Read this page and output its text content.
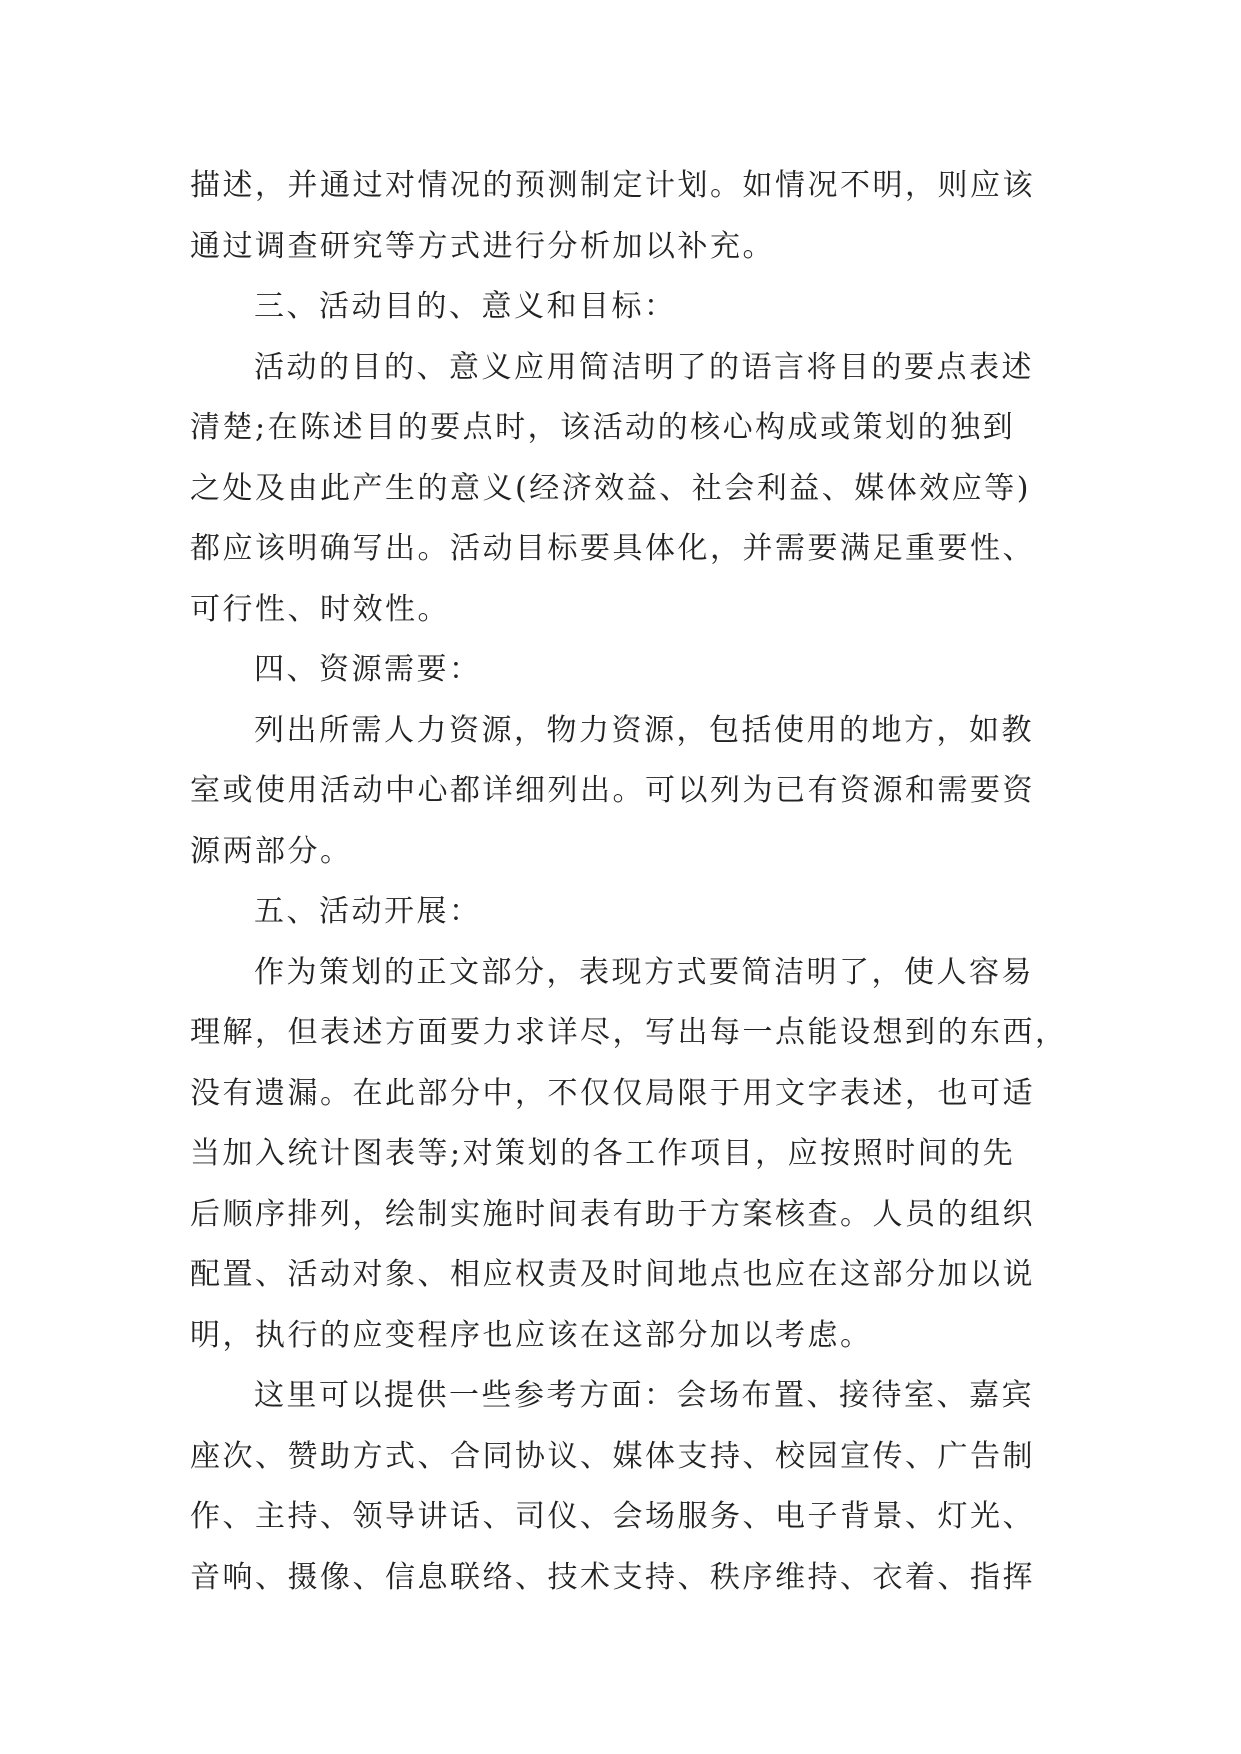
描述，并通过对情况的预测制定计划。如情况不明，则应该
通过调查研究等方式进行分析加以补充。
三、活动目的、意义和目标：
活动的目的、意义应用简洁明了的语言将目的要点表述
清楚;在陈述目的要点时，该活动的核心构成或策划的独到
之处及由此产生的意义(经济效益、社会利益、媒体效应等)
都应该明确写出。活动目标要具体化，并需要满足重要性、
可行性、时效性。
四、资源需要：
列出所需人力资源，物力资源，包括使用的地方，如教
室或使用活动中心都详细列出。可以列为已有资源和需要资
源两部分。
五、活动开展：
作为策划的正文部分，表现方式要简洁明了，使人容易
理解，但表述方面要力求详尽，写出每一点能设想到的东西，
没有遗漏。在此部分中，不仅仅局限于用文字表述，也可适
当加入统计图表等;对策划的各工作项目，应按照时间的先
后顺序排列，绘制实施时间表有助于方案核查。人员的组织
配置、活动对象、相应权责及时间地点也应在这部分加以说
明，执行的应变程序也应该在这部分加以考虑。
这里可以提供一些参考方面：会场布置、接待室、嘉宾
座次、赞助方式、合同协议、媒体支持、校园宣传、广告制
作、主持、领导讲话、司仪、会场服务、电子背景、灯光、
音响、摄像、信息联络、技术支持、秩序维持、衣着、指挥
